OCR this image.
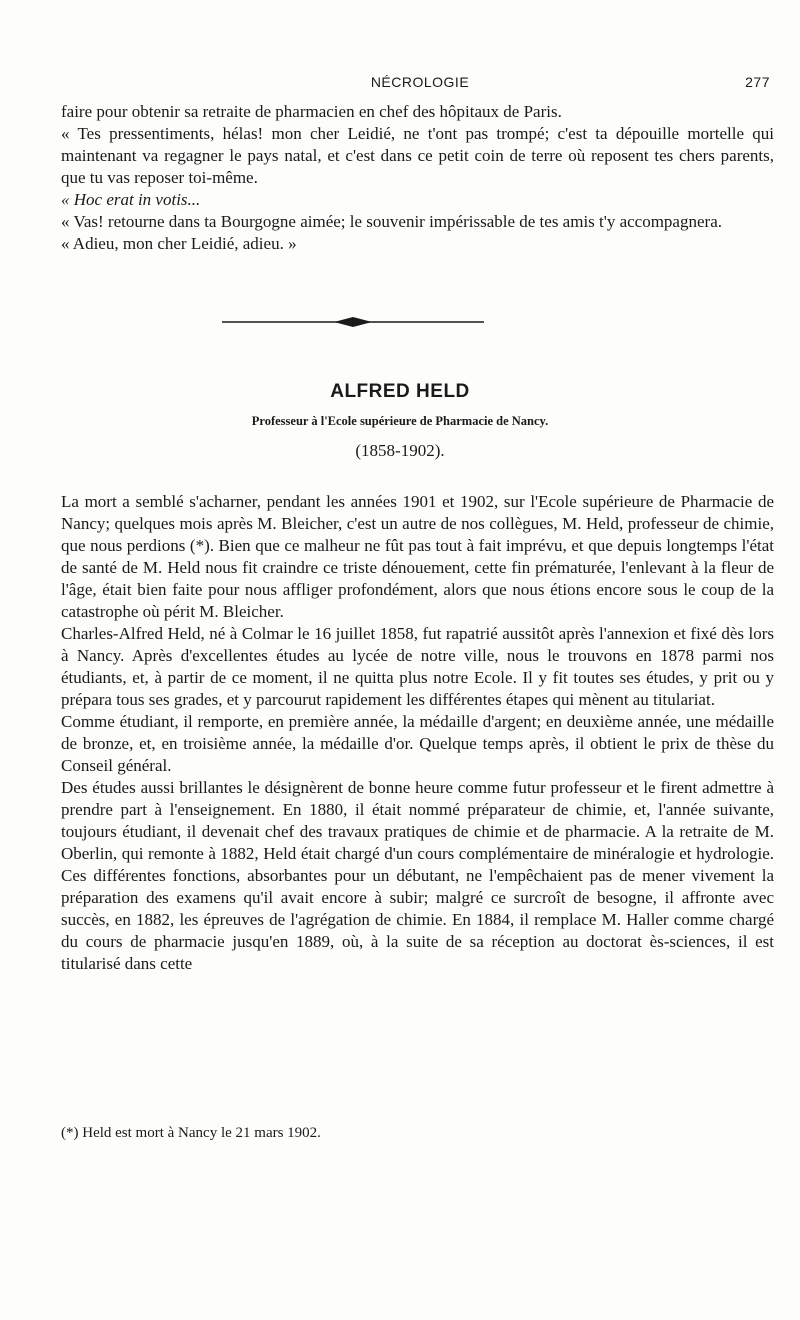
NÉCROLOGIE	277

faire pour obtenir sa retraite de pharmacien en chef des hôpitaux de Paris.

« Tes pressentiments, hélas! mon cher Leidié, ne t'ont pas trompé; c'est ta dépouille mortelle qui maintenant va regagner le pays natal, et c'est dans ce petit coin de terre où reposent tes chers parents, que tu vas reposer toi-même.

« Hoc erat in votis...

« Vas! retourne dans ta Bourgogne aimée; le souvenir impérissable de tes amis t'y accompagnera.

« Adieu, mon cher Leidié, adieu. »

ALFRED HELD
Professeur à l'Ecole supérieure de Pharmacie de Nancy.
(1858-1902).

La mort a semblé s'acharner, pendant les années 1901 et 1902, sur l'Ecole supérieure de Pharmacie de Nancy; quelques mois après M. Bleicher, c'est un autre de nos collègues, M. Held, professeur de chimie, que nous perdions (*). Bien que ce malheur ne fût pas tout à fait imprévu, et que depuis longtemps l'état de santé de M. Held nous fit craindre ce triste dénouement, cette fin prématurée, l'enlevant à la fleur de l'âge, était bien faite pour nous affliger profondément, alors que nous étions encore sous le coup de la catastrophe où périt M. Bleicher.

Charles-Alfred Held, né à Colmar le 16 juillet 1858, fut rapatrié aussitôt après l'annexion et fixé dès lors à Nancy. Après d'excellentes études au lycée de notre ville, nous le trouvons en 1878 parmi nos étudiants, et, à partir de ce moment, il ne quitta plus notre Ecole. Il y fit toutes ses études, y prit ou y prépara tous ses grades, et y parcourut rapidement les différentes étapes qui mènent au titulariat.

Comme étudiant, il remporte, en première année, la médaille d'argent; en deuxième année, une médaille de bronze, et, en troisième année, la médaille d'or. Quelque temps après, il obtient le prix de thèse du Conseil général.

Des études aussi brillantes le désignèrent de bonne heure comme futur professeur et le firent admettre à prendre part à l'enseignement. En 1880, il était nommé préparateur de chimie, et, l'année suivante, toujours étudiant, il devenait chef des travaux pratiques de chimie et de pharmacie. A la retraite de M. Oberlin, qui remonte à 1882, Held était chargé d'un cours complémentaire de minéralogie et hydrologie. Ces différentes fonctions, absorbantes pour un débutant, ne l'empêchaient pas de mener vivement la préparation des examens qu'il avait encore à subir; malgré ce surcroît de besogne, il affronte avec succès, en 1882, les épreuves de l'agrégation de chimie. En 1884, il remplace M. Haller comme chargé du cours de pharmacie jusqu'en 1889, où, à la suite de sa réception au doctorat ès-sciences, il est titularisé dans cette

(*) Held est mort à Nancy le 21 mars 1902.
